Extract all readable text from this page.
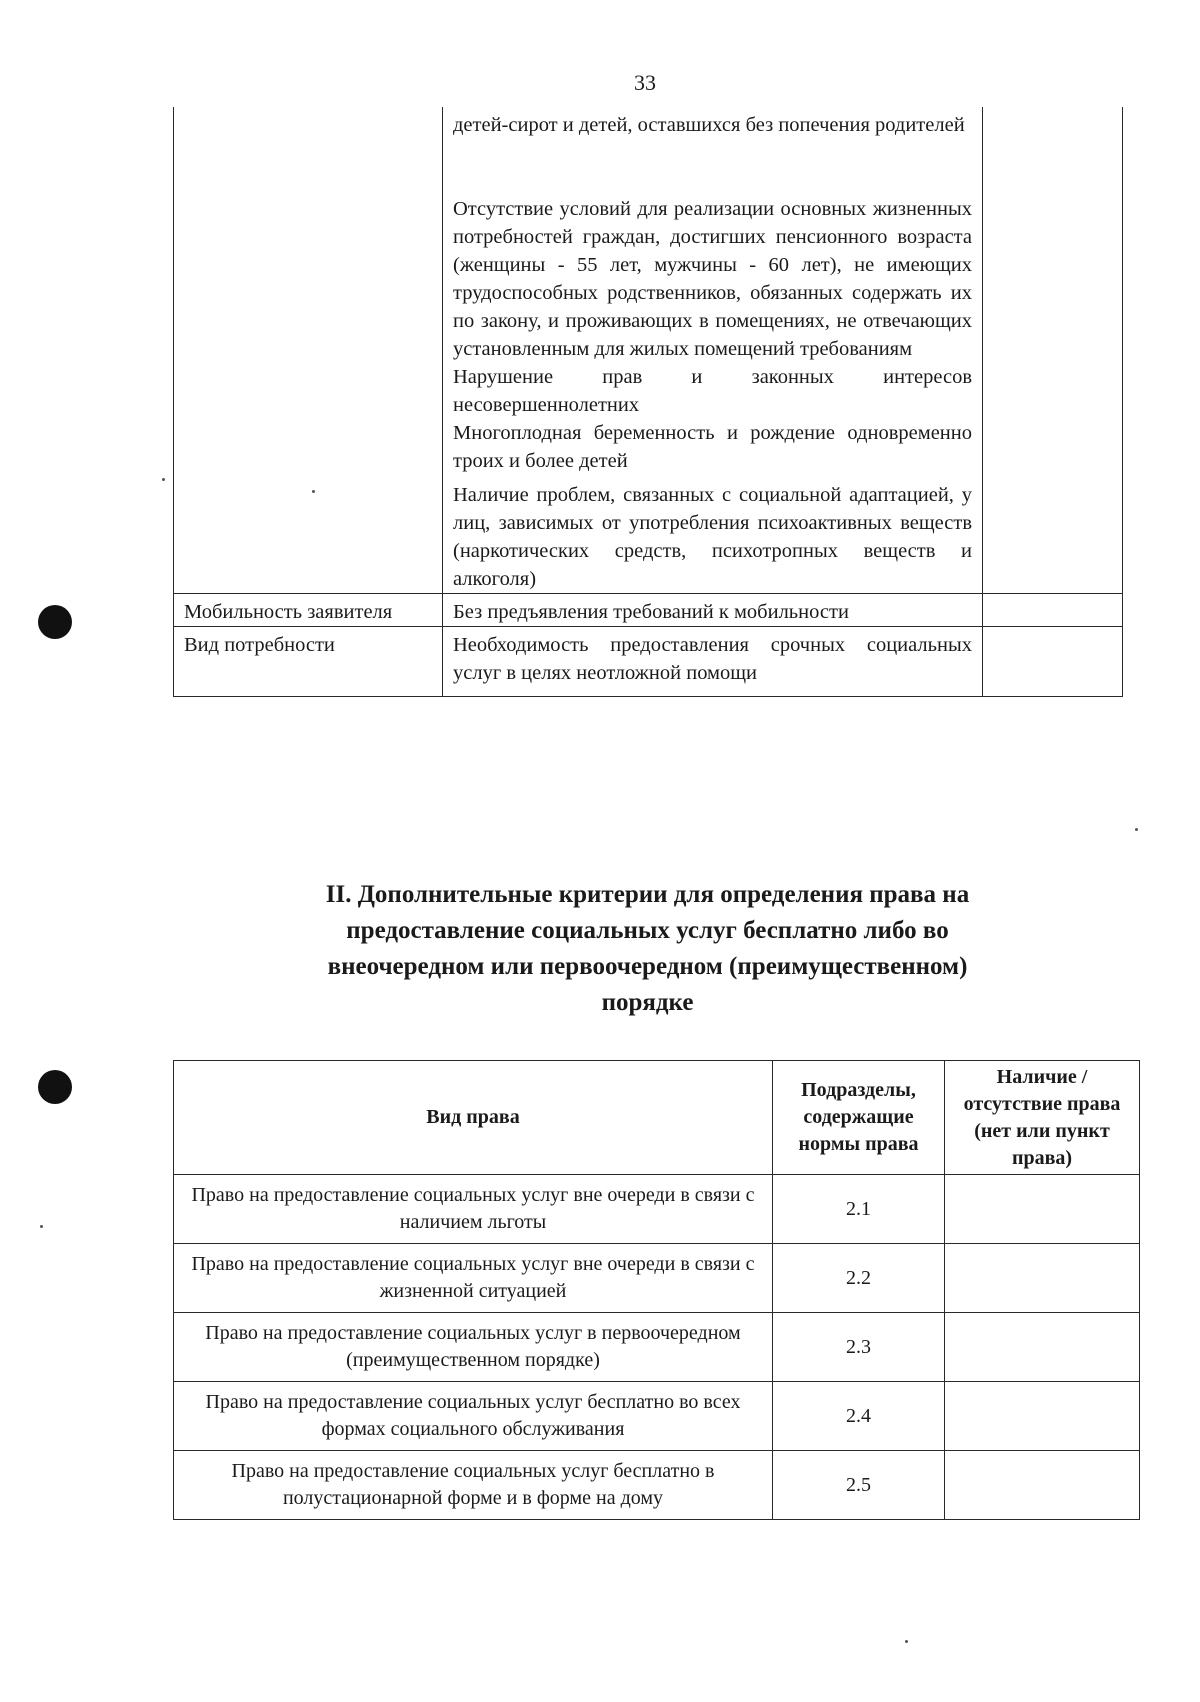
33

	детей-сирот и детей, оставшихся без попечения родителей

Отсутствие условий для реализации основных жизненных потребностей граждан, достигших пенсионного возраста (женщины - 55 лет, мужчины - 60 лет), не имеющих трудоспособных родственников, обязанных содержать их по закону, и проживающих в помещениях, не отвечающих установленным для жилых помещений требованиям

Нарушение прав и законных интересов несовершеннолетних

Многоплодная беременность и рождение одновременно троих и более детей

Наличие проблем, связанных с социальной адаптацией, у лиц, зависимых от употребления психоактивных веществ (наркотических средств, психотропных веществ и алкоголя)	

Мобильность заявителя	Без предъявления требований к мобильности	
Вид потребности	Необходимость предоставления срочных социальных услуг в целях неотложной помощи	
II. Дополнительные критерии для определения права на
предоставление социальных услуг бесплатно либо во
внеочередном или первоочередном (преимущественном)
порядке
Вид права	Подразделы, содержащие нормы права	Наличие / отсутствие права (нет или пункт права)
Право на предоставление социальных услуг вне очереди в связи с наличием льготы	2.1	
Право на предоставление социальных услуг вне очереди в связи с жизненной ситуацией	2.2	
Право на предоставление социальных услуг в первоочередном (преимущественном порядке)	2.3	
Право на предоставление социальных услуг бесплатно во всех формах социального обслуживания	2.4	
Право на предоставление социальных услуг бесплатно в полустационарной форме и в форме на дому	2.5	
